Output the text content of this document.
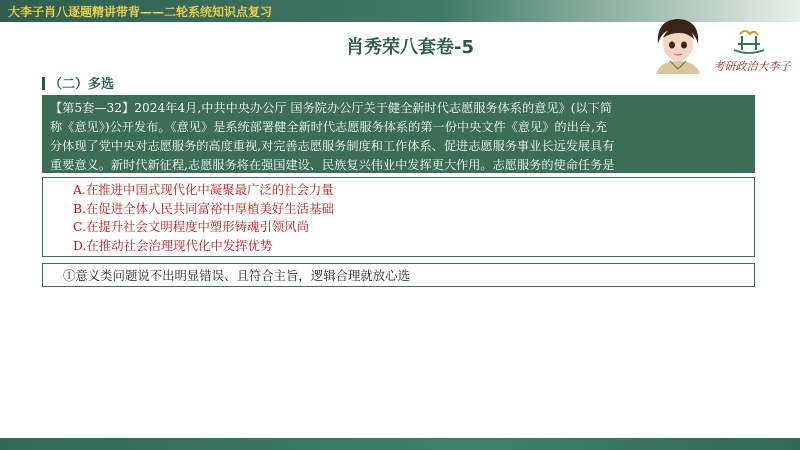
大李子肖八逐题精讲带背——二轮系统知识点复习
肖秀荣八套卷-5
考研政治大李子
（二）多选
【第5套—32】2024年4月,中共中央办公厅 国务院办公厅关于健全新时代志愿服务体系的意见》(以下简
称《意见》)公开发布。《意见》是系统部署健全新时代志愿服务体系的第一份中央文件《意见》的出台,充
分体现了党中央对志愿服务的高度重视,对完善志愿服务制度和工作体系、促进志愿服务事业长远发展具有
重要意义。新时代新征程,志愿服务将在强国建设、民族复兴伟业中发挥更大作用。志愿服务的使命任务是
A.在推进中国式现代化中凝聚最广泛的社会力量
B.在促进全体人民共同富裕中厚植美好生活基础
C.在提升社会文明程度中塑形铸魂引领风尚
D.在推动社会治理现代化中发挥优势
①意义类问题说不出明显错误、且符合主旨，逻辑合理就放心选
